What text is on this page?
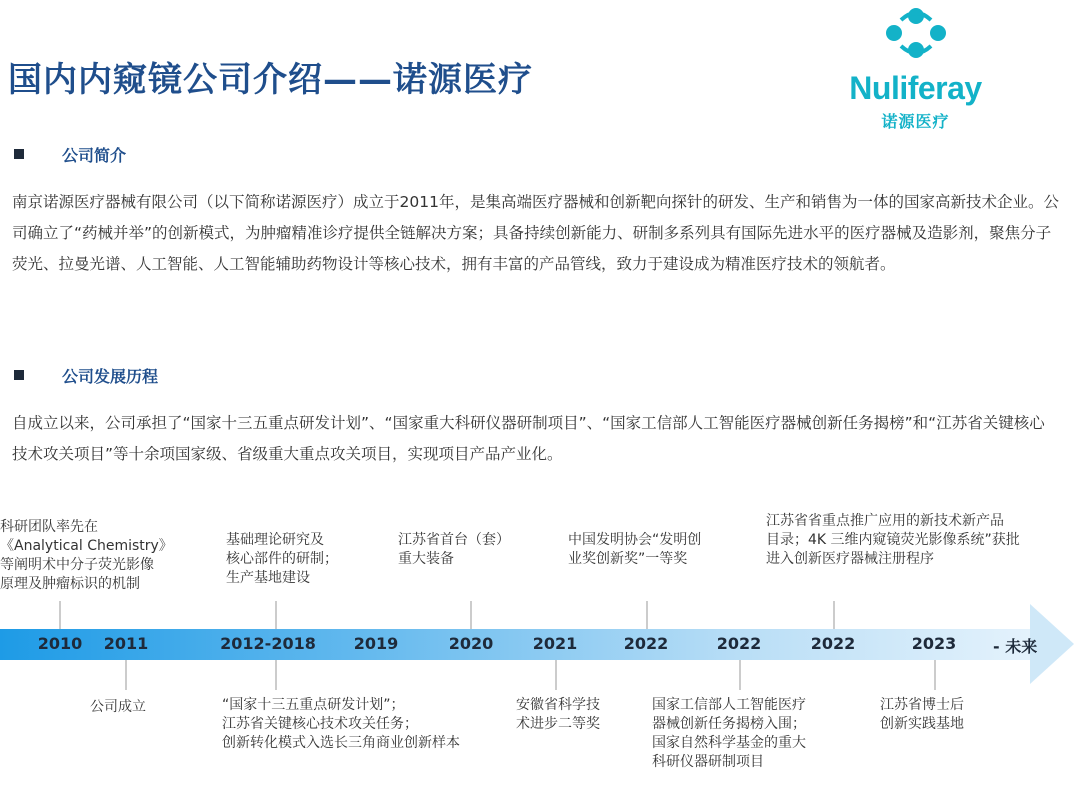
国内内窥镜公司介绍——诺源医疗	Nuliferay
诺源医疗
公司简介

南京诺源医疗器械有限公司（以下简称诺源医疗）成立于2011年，是集高端医疗器械和创新靶向探针的研发、生产和销售为一体的国家高新技术企业。公司确立了“药械并举”的创新模式，为肿瘤精准诊疗提供全链解决方案；具备持续创新能力、研制多系列具有国际先进水平的医疗器械及造影剂，聚焦分子荧光、拉曼光谱、人工智能、人工智能辅助药物设计等核心技术，拥有丰富的产品管线，致力于建设成为精准医疗技术的领航者。

公司发展历程

自成立以来，公司承担了“国家十三五重点研发计划”、“国家重大科研仪器研制项目”、“国家工信部人工智能医疗器械创新任务揭榜”和“江苏省关键核心技术攻关项目”等十余项国家级、省级重大重点攻关项目，实现项目产品产业化。

2010 2011	2012-2018 2019	2020 2021	2022	2022	2022	2023 - 未来

科研团队率先在
《Analytical Chemistry》
等阐明术中分子荧光影像
原理及肿瘤标识的机制

基础理论研究及
核心部件的研制；
生产基地建设

江苏省首台（套）
重大装备

中国发明协会“发明创
业奖创新奖”一等奖

江苏省省重点推广应用的新技术新产品
目录；4K 三维内窥镜荧光影像系统”获批
进入创新医疗器械注册程序

公司成立	“国家十三五重点研发计划”；
江苏省关键核心技术攻关任务；
创新转化模式入选长三角商业创新样本

安徽省科学技
术进步二等奖

国家工信部人工智能医疗
器械创新任务揭榜入围；
国家自然科学基金的重大
科研仪器研制项目

江苏省博士后
创新实践基地
